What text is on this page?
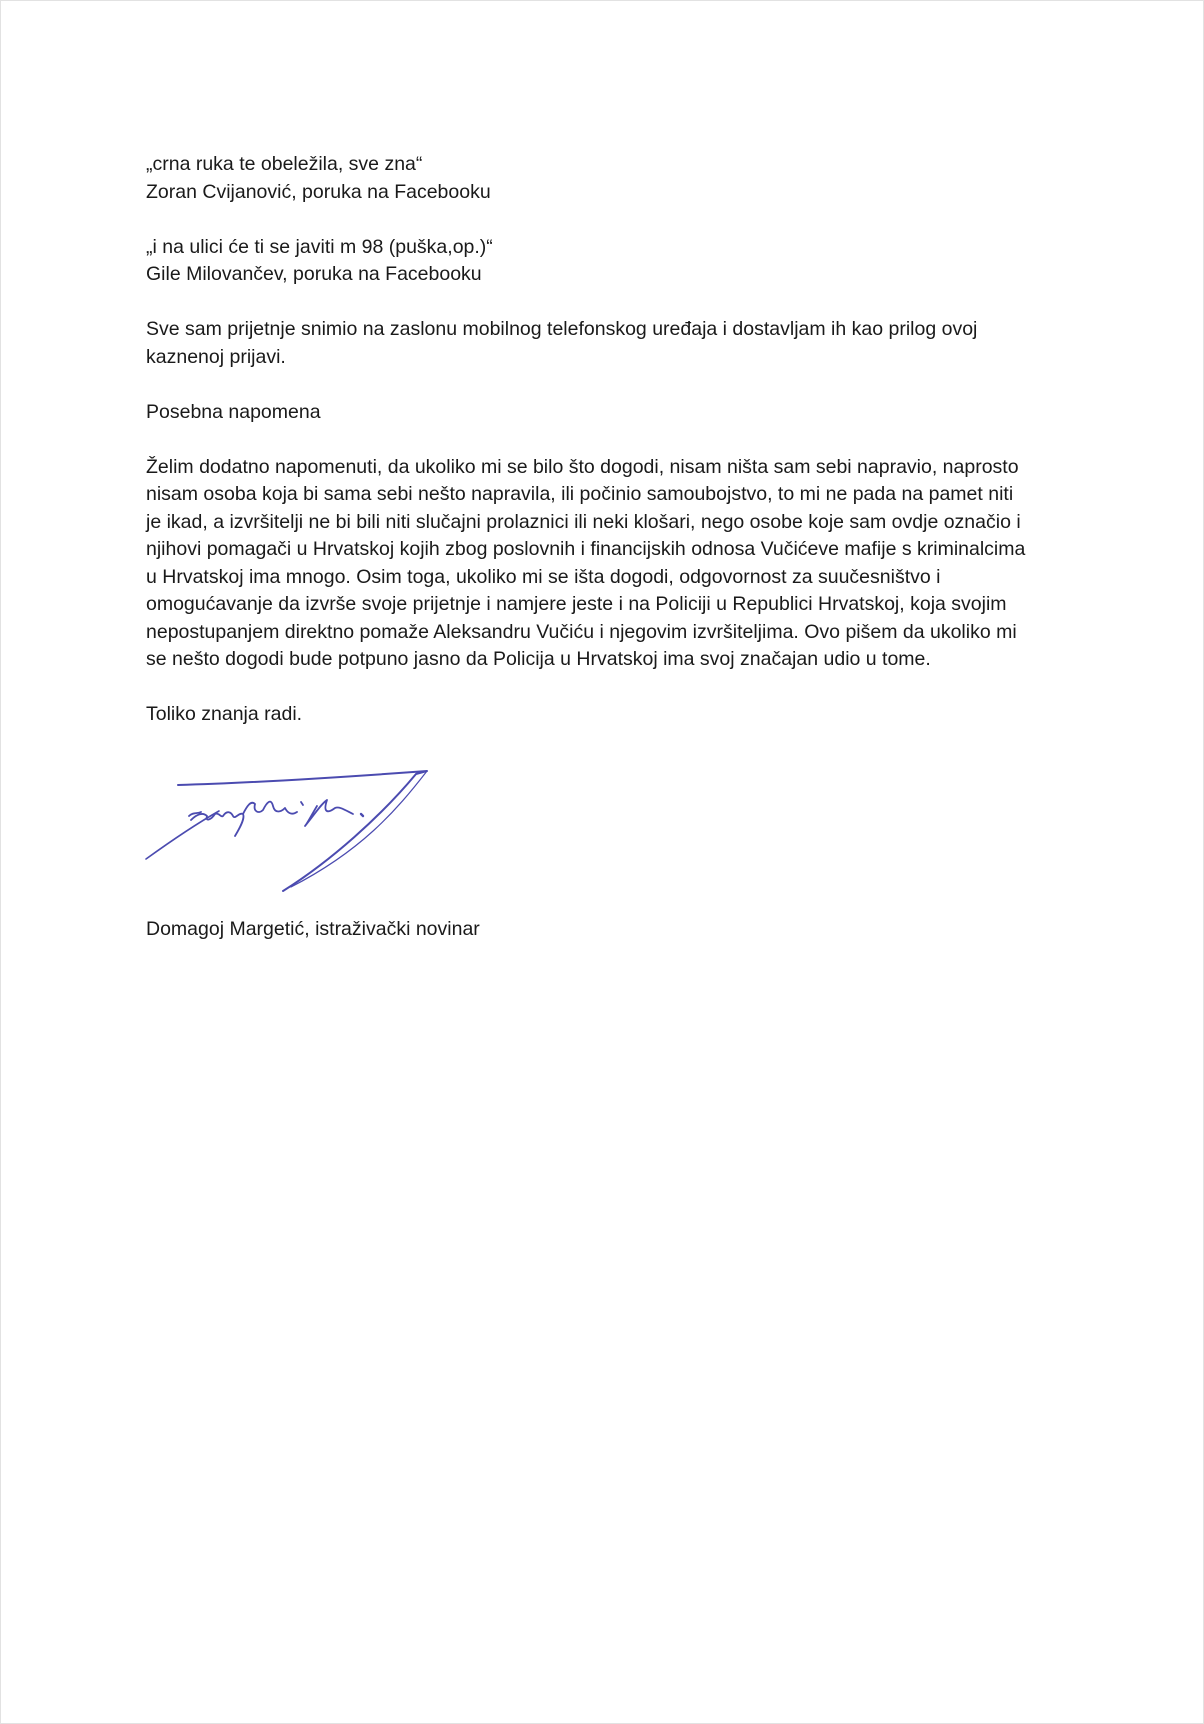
„crna ruka te obeležila, sve zna“
Zoran Cvijanović, poruka na Facebooku
„i na ulici će ti se javiti m 98 (puška,op.)“
Gile Milovančev, poruka na Facebooku
Sve sam prijetnje snimio na zaslonu mobilnog telefonskog uređaja i dostavljam ih kao prilog ovoj
kaznenoj prijavi.
Posebna napomena
Želim dodatno napomenuti, da ukoliko mi se bilo što dogodi, nisam ništa sam sebi napravio, naprosto
nisam osoba koja bi sama sebi nešto napravila, ili počinio samoubojstvo, to mi ne pada na pamet niti
je ikad, a izvršitelji ne bi bili niti slučajni prolaznici ili neki klošari, nego osobe koje sam ovdje označio i
njihovi pomagači u Hrvatskoj kojih zbog poslovnih i financijskih odnosa Vučićeve mafije s kriminalcima
u Hrvatskoj ima mnogo. Osim toga, ukoliko mi se išta dogodi, odgovornost za suučesništvo i
omogućavanje da izvrše svoje prijetnje i namjere jeste i na Policiji u Republici Hrvatskoj, koja svojim
nepostupanjem direktno pomaže Aleksandru Vučiću i njegovim izvršiteljima. Ovo pišem da ukoliko mi
se nešto dogodi bude potpuno jasno da Policija u Hrvatskoj ima svoj značajan udio u tome.
Toliko znanja radi.
Domagoj Margetić, istraživački novinar
